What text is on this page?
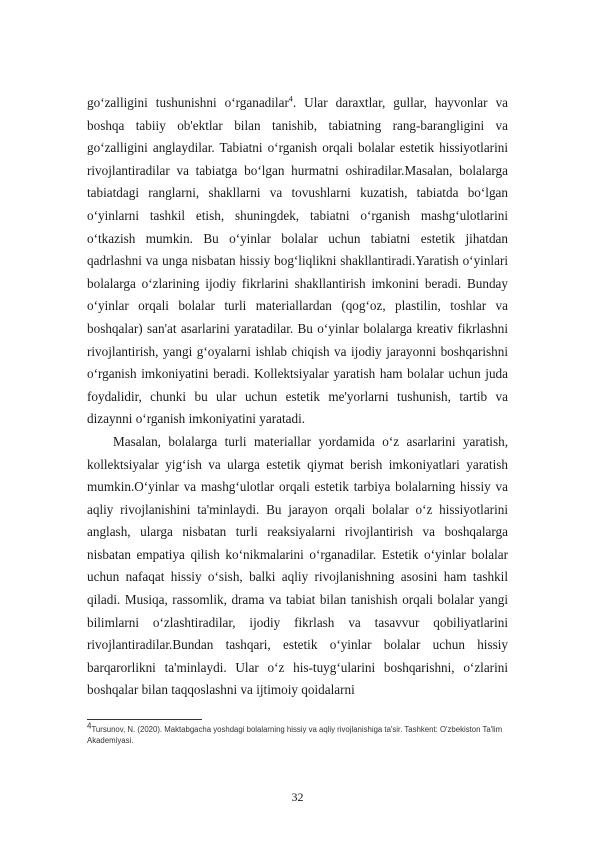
go‘zalligini tushunishni o‘rganadilar$^4$. Ular daraxtlar, gullar, hayvonlar va boshqa tabiiy ob'ektlar bilan tanishib, tabiatning rang-barangligini va go‘zalligini anglaydilar. Tabiatni o‘rganish orqali bolalar estetik hissiyotlarini rivojlantiradilar va tabiatga bo‘lgan hurmatni oshiradilar.Masalan, bolalarga tabiatdagi ranglarni, shakllarni va tovushlarni kuzatish, tabiatda bo‘lgan o‘yinlarni tashkil etish, shuningdek, tabiatni o‘rganish mashg‘ulotlarini o‘tkazish mumkin. Bu o‘yinlar bolalar uchun tabiatni estetik jihatdan qadrlashni va unga nisbatan hissiy bog‘liqlikni shakllantiradi.Yaratish o‘yinlari bolalarga o‘zlarining ijodiy fikrlarini shakllantirish imkonini beradi. Bunday o‘yinlar orqali bolalar turli materiallardan (qog‘oz, plastilin, toshlar va boshqalar) san'at asarlarini yaratadilar. Bu o‘yinlar bolalarga kreativ fikrlashni rivojlantirish, yangi g‘oyalarni ishlab chiqish va ijodiy jarayonni boshqarishni o‘rganish imkoniyatini beradi. Kollektsiyalar yaratish ham bolalar uchun juda foydalidir, chunki bu ular uchun estetik me'yorlarni tushunish, tartib va dizaynni o‘rganish imkoniyatini yaratadi.

Masalan, bolalarga turli materiallar yordamida o‘z asarlarini yaratish, kollektsiyalar yig‘ish va ularga estetik qiymat berish imkoniyatlari yaratish mumkin.O‘yinlar va mashg‘ulotlar orqali estetik tarbiya bolalarning hissiy va aqliy rivojlanishini ta'minlaydi. Bu jarayon orqali bolalar o‘z hissiyotlarini anglash, ularga nisbatan turli reaksiyalarni rivojlantirish va boshqalarga nisbatan empatiya qilish ko‘nikmalarini o‘rganadilar. Estetik o‘yinlar bolalar uchun nafaqat hissiy o‘sish, balki aqliy rivojlanishning asosini ham tashkil qiladi. Musiqa, rassomlik, drama va tabiat bilan tanishish orqali bolalar yangi bilimlarni o‘zlashtiradilar, ijodiy fikrlash va tasavvur qobiliyatlarini rivojlantiradilar.Bundan tashqari, estetik o‘yinlar bolalar uchun hissiy barqarorlikni ta'minlaydi. Ular o‘z his-tuyg‘ularini boshqarishni, o‘zlarini boshqalar bilan taqqoslashni va ijtimoiy qoidalarni

$^4$Tursunov, N. (2020). Maktabgacha yoshdagi bolalarning hissiy va aqliy rivojlanishiga ta'sir. Tashkent: O'zbekiston Ta'lim Akademiyasi.
32
